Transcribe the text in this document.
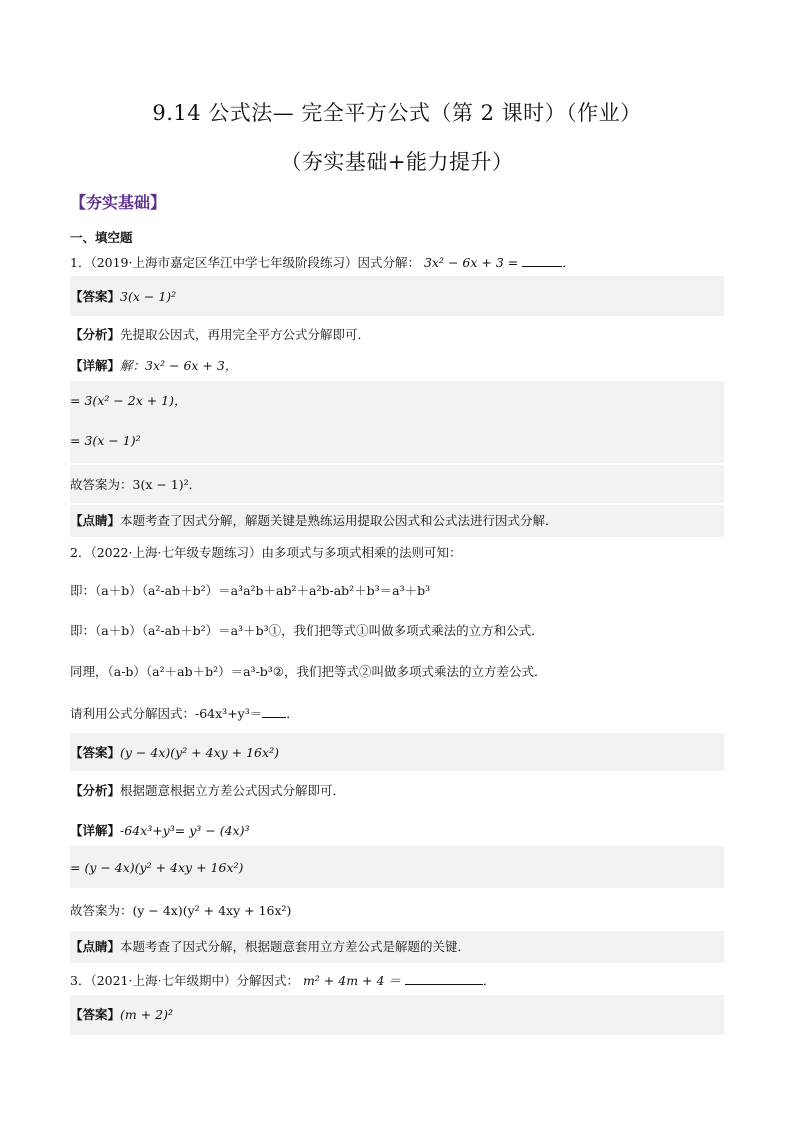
9.14 公式法— 完全平方公式（第 2 课时）（作业）
（夯实基础+能力提升）
【夯实基础】
一、填空题
1．（2019·上海市嘉定区华江中学七年级阶段练习）因式分解： 3x² − 6x + 3 =	．
【答案】3(x − 1)²
【分析】先提取公因式，再用完全平方公式分解即可．
【详解】解：3x² − 6x + 3，
= 3(x² − 2x + 1)，
= 3(x − 1)²
故答案为：3(x − 1)²．
【点睛】本题考查了因式分解，解题关键是熟练运用提取公因式和公式法进行因式分解．
2．（2022·上海·七年级专题练习）由多项式与多项式相乘的法则可知：
即：（a＋b）（a²-ab＋b²）＝a³a²b＋ab²＋a²b-ab²＋b³＝a³＋b³
即：（a＋b）（a²-ab＋b²）＝a³＋b³①，我们把等式①叫做多项式乘法的立方和公式．
同理，（a-b）（a²＋ab＋b²）＝a³-b³②，我们把等式②叫做多项式乘法的立方差公式．
请利用公式分解因式：-64x³+y³＝ ．
【答案】(y − 4x)(y² + 4xy + 16x²)
【分析】根据题意根据立方差公式因式分解即可．
【详解】-64x³+y³= y³ − (4x)³
= (y − 4x)(y² + 4xy + 16x²)
故答案为：(y − 4x)(y² + 4xy + 16x²)
【点睛】本题考查了因式分解，根据题意套用立方差公式是解题的关键．
3．（2021·上海·七年级期中）分解因式： m² + 4m + 4 ＝	．
【答案】(m + 2)²
